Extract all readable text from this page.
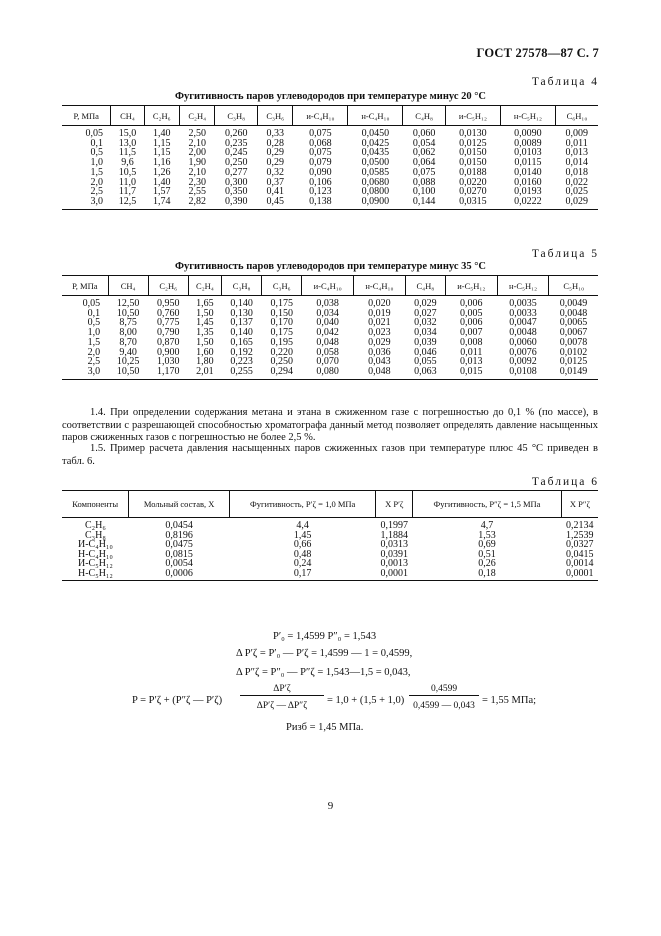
ГОСТ 27578—87 С. 7
Таблица 4
Фугитивность паров углеводородов при температуре минус 20 °С
Р, МПа	CH₄	C₂H₆	C₂H₄	C₃H₈	C₃H₆	и-C₄H₁₀	н-C₄H₁₀	C₄H₈	и-C₅H₁₂	н-C₅H₁₂	C₆H₁₀
0,05	15,0	1,40	2,50	0,260	0,33	0,075	0,0450	0,060	0,0130	0,0090	0,009
0,1	13,0	1,15	2,10	0,235	0,28	0,068	0,0425	0,054	0,0125	0,0089	0,011
0,5	11,5	1,15	2,00	0,245	0,29	0,075	0,0435	0,062	0,0150	0,0103	0,013
1,0	9,6	1,16	1,90	0,250	0,29	0,079	0,0500	0,064	0,0150	0,0115	0,014
1,5	10,5	1,26	2,10	0,277	0,32	0,090	0,0585	0,075	0,0188	0,0140	0,018
2,0	11,0	1,40	2,30	0,300	0,37	0,106	0,0680	0,088	0,0220	0,0160	0,022
2,5	11,7	1,57	2,55	0,350	0,41	0,123	0,0800	0,100	0,0270	0,0193	0,025
3,0	12,5	1,74	2,82	0,390	0,45	0,138	0,0900	0,144	0,0315	0,0222	0,029
Таблица 5
Фугитивность паров углеводородов при температуре минус 35 °С
Р, МПа	CH₄	C₂H₆	C₂H₄	C₃H₈	C₃H₆	и-C₄H₁₀	н-C₄H₁₀	C₄H₈	и-C₅H₁₂	н-C₅H₁₂	C₅H₁₀
0,05	12,50	0,950	1,65	0,140	0,175	0,038	0,020	0,029	0,006	0,0035	0,0049
0,1	10,50	0,760	1,50	0,130	0,150	0,034	0,019	0,027	0,005	0,0033	0,0048
0,5	8,75	0,775	1,45	0,137	0,170	0,040	0,021	0,032	0,006	0,0047	0,0065
1,0	8,00	0,790	1,35	0,140	0,175	0,042	0,023	0,034	0,007	0,0048	0,0067
1,5	8,70	0,870	1,50	0,165	0,195	0,048	0,029	0,039	0,008	0,0060	0,0078
2,0	9,40	0,900	1,60	0,192	0,220	0,058	0,036	0,046	0,011	0,0076	0,0102
2,5	10,25	1,030	1,80	0,223	0,250	0,070	0,043	0,055	0,013	0,0092	0,0125
3,0	10,50	1,170	2,01	0,255	0,294	0,080	0,048	0,063	0,015	0,0108	0,0149
1.4. При определении содержания метана и этана в сжиженном газе с погрешностью до 0,1 % (по массе), в соответствии с разрешающей способностью хроматографа данный метод позволяет определять давление насыщенных паров сжиженных газов с погрешностью не более 2,5 %.
1.5. Пример расчета давления насыщенных паров сжиженных газов при температуре плюс 45 °С приведен в табл. 6.
Таблица 6
Компоненты	Мольный состав, X	Фугитивность, P′ζ = 1,0 МПа	X P′ζ	Фугитивность, P″ζ = 1,5 МПа	X P″ζ
C₂H₆	0,0454	4,4	0,1997	4,7	0,2134
C₃H₈	0,8196	1,45	1,1884	1,53	1,2539
И-C₄H₁₀	0,0475	0,66	0,0313	0,69	0,0327
Н-C₄H₁₀	0,0815	0,48	0,0391	0,51	0,0415
И-C₅H₁₂	0,0054	0,24	0,0013	0,26	0,0014
Н-C₅H₁₂	0,0006	0,17	0,0001	0,18	0,0001
P′₀ = 1,4599 P″₀ = 1,543
Δ P′ζ = P′₀ — P′ζ = 1,4599 — 1 = 0,4599,
Δ P″ζ = P″₀ — P″ζ = 1,543—1,5 = 0,043,
P = P′ζ + (P″ζ — P′ζ)
ΔP′ζ
ΔP′ζ — ΔP″ζ	= 1,0 + (1,5 + 1,0)
0,4599
0,4599 — 0,043 = 1,55 МПа;
Pизб = 1,45 МПа.
9
